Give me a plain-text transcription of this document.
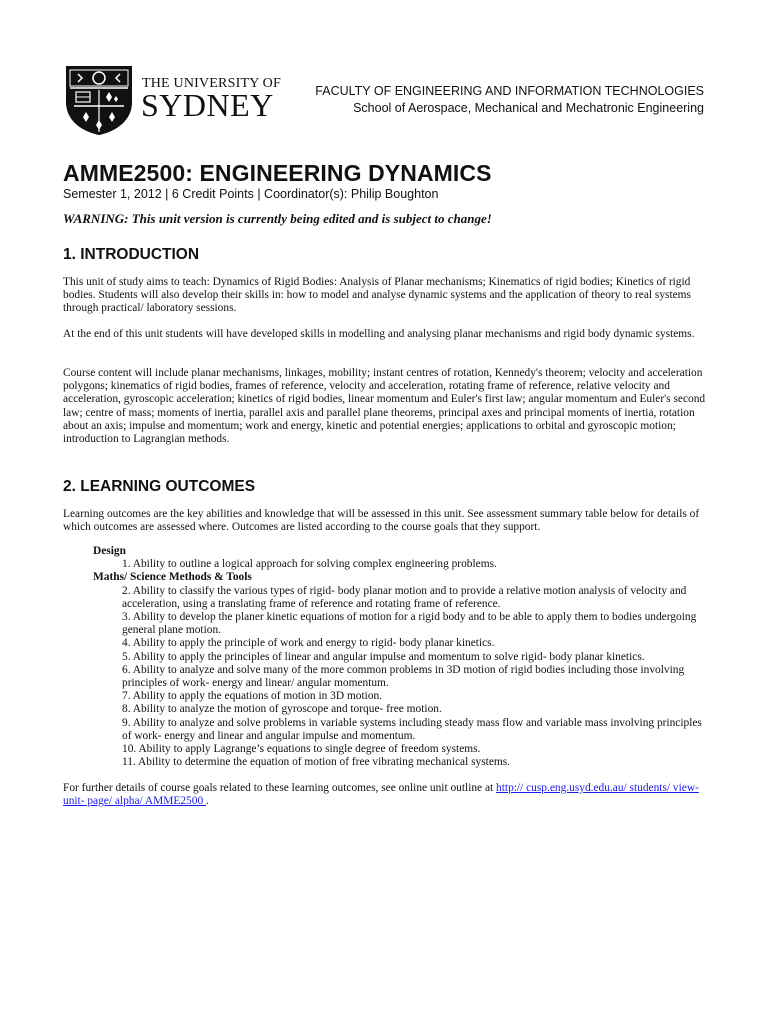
THE UNIVERSITY OF
SYDNEY	FACULTY OF ENGINEERING AND INFORMATION TECHNOLOGIES
School of Aerospace, Mechanical and Mechatronic Engineering
AMME2500: ENGINEERING DYNAMICS
Semester 1, 2012 | 6 Credit Points | Coordinator(s): Philip Boughton
WARNING: This unit version is currently being edited and is subject to change!
1. INTRODUCTION

This unit of study aims to teach: Dynamics of Rigid Bodies: Analysis of Planar mechanisms; Kinematics of rigid bodies; Kinetics of rigid bodies. Students will also develop their skills in: how to model and analyse dynamic systems and the application of theory to real systems through practical/ laboratory sessions.

At the end of this unit students will have developed skills in modelling and analysing planar mechanisms and rigid body dynamic systems.

Course content will include planar mechanisms, linkages, mobility; instant centres of rotation, Kennedy's theorem; velocity and acceleration polygons; kinematics of rigid bodies, frames of reference, velocity and acceleration, rotating frame of reference, relative velocity and acceleration, gyroscopic acceleration; kinetics of rigid bodies, linear momentum and Euler's first law; angular momentum and Euler's second law; centre of mass; moments of inertia, parallel axis and parallel plane theorems, principal axes and principal moments of inertia, rotation about an axis; impulse and momentum; work and energy, kinetic and potential energies; applications to orbital and gyroscopic motion; introduction to Lagrangian methods.

2. LEARNING OUTCOMES

Learning outcomes are the key abilities and knowledge that will be assessed in this unit. See assessment summary table below for details of which outcomes are assessed where. Outcomes are listed according to the course goals that they support.

Design
1. Ability to outline a logical approach for solving complex engineering problems.
Maths/ Science Methods & Tools
2. Ability to classify the various types of rigid- body planar motion and to provide a relative motion analysis of velocity and acceleration, using a translating frame of reference and rotating frame of reference.
3. Ability to develop the planer kinetic equations of motion for a rigid body and to be able to apply them to bodies undergoing general plane motion.
4. Ability to apply the principle of work and energy to rigid- body planar kinetics.
5. Ability to apply the principles of linear and angular impulse and momentum to solve rigid- body planar kinetics.
6. Ability to analyze and solve many of the more common problems in 3D motion of rigid bodies including those involving principles of work- energy and linear/ angular momentum.
7. Ability to apply the equations of motion in 3D motion.
8. Ability to analyze the motion of gyroscope and torque- free motion.
9. Ability to analyze and solve problems in variable systems including steady mass flow and variable mass involving principles of work- energy and linear and angular impulse and momentum.
10. Ability to apply Lagrange’s equations to single degree of freedom systems.
11. Ability to determine the equation of motion of free vibrating mechanical systems.

For further details of course goals related to these learning outcomes, see online unit outline at http:// cusp.eng.usyd.edu.au/ students/ view- unit- page/ alpha/ AMME2500 .
